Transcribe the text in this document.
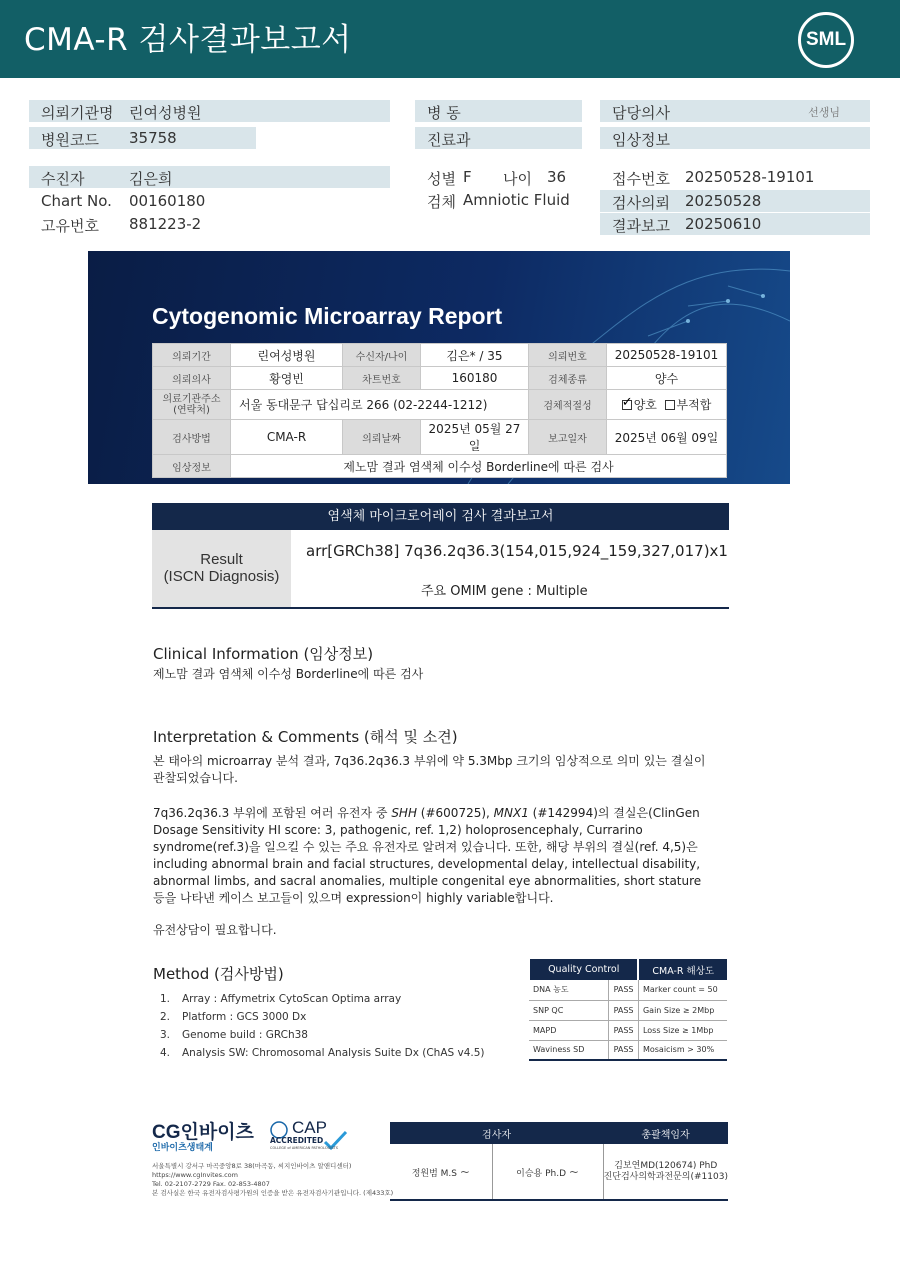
CMA-R 검사결과보고서	SML
의뢰기관명 린여성병원
병원코드 35758
병 동
진료과
담당의사	선생님
임상정보
수진자	김은희
Chart No. 00160180
고유번호 881223-2
성별 F 나이 36
검체 Amniotic Fluid
접수번호 20250528-19101
검사의뢰 20250528
결과보고 20250610
Cytogenomic Microarray Report
의뢰기간	린여성병원	수신자/나이	김은* / 35	의뢰번호	20250528-19101
의뢰의사	황영빈	차트번호	160180	검체종류	양수
의료기관주소
(연락처)	서울 동대문구 답십리로 266 (02-2244-1212)			검체적절성	✓양호 부적합
검사방법	CMA-R	의뢰날짜	2025년 05월 27일	보고일자	2025년 06월 09일
임상정보	제노맘 결과 염색체 이수성 Borderline에 따른 검사				
염색체 마이크로어레이 검사 결과보고서
Result
(ISCN Diagnosis)
arr[GRCh38] 7q36.2q36.3(154,015,924_159,327,017)x1
주요 OMIM gene : Multiple
Clinical Information (임상정보)
제노맘 결과 염색체 이수성 Borderline에 따른 검사
Interpretation & Comments (해석 및 소견)
본 태아의 microarray 분석 결과, 7q36.2q36.3 부위에 약 5.3Mbp 크기의 임상적으로 의미 있는 결실이 관찰되었습니다.
7q36.2q36.3 부위에 포함된 여러 유전자 중 SHH (#600725), MNX1 (#142994)의 결실은(ClinGen Dosage Sensitivity HI score: 3, pathogenic, ref. 1,2) holoprosencephaly, Currarino syndrome(ref.3)을 일으킬 수 있는 주요 유전자로 알려져 있습니다. 또한, 해당 부위의 결실(ref. 4,5)은 including abnormal brain and facial structures, developmental delay, intellectual disability, abnormal limbs, and sacral anomalies, multiple congenital eye abnormalities, short stature 등을 나타낸 케이스 보고들이 있으며 expression이 highly variable합니다.
유전상담이 필요합니다.
Method (검사방법)
1. Array : Affymetrix CytoScan Optima array
2. Platform : GCS 3000 Dx
3. Genome build : GRCh38
4. Analysis SW: Chromosomal Analysis Suite Dx (ChAS v4.5)
Quality Control		CMA-R 해상도
DNA 농도	PASS	Marker count = 50
SNP QC	PASS	Gain Size ≥ 2Mbp
MAPD	PASS	Loss Size ≥ 1Mbp
Waviness SD	PASS	Mosaicism > 30%
CG인바이츠
인바이츠생태계
CAP
ACCREDITED
COLLEGE of AMERICAN PATHOLOGISTS
서울특별시 강서구 마곡중앙8로 38(마곡동, 씨지인바이츠 알앤디센터)
https://www.cgInvites.com
Tel. 02-2107-2729 Fax. 02-853-4807
본 검사실은 한국 유전자검사평가원의 인증을 받은 유전자검사기관입니다. (제433호)
검사자		총괄책임자
정원범 M.S ~	이승용 Ph.D ~	김보연MD(120674) PhD
진단검사의학과전문의(#1103)
